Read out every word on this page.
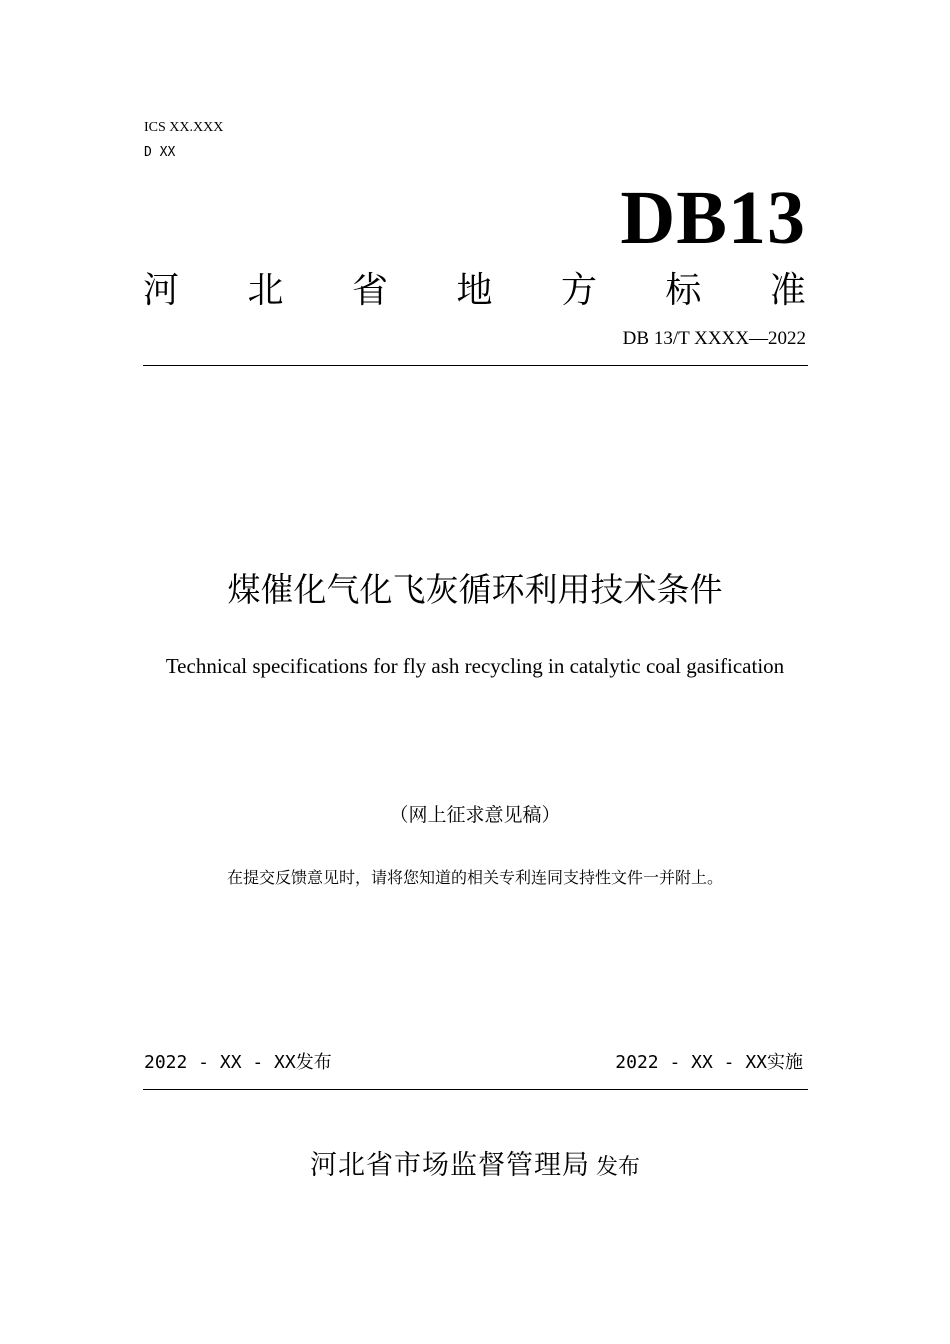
ICS XX.XXX
D XX
DB13
河 北 省 地 方 标 准
DB 13/T XXXX—2022
煤催化气化飞灰循环利用技术条件
Technical specifications for fly ash recycling in catalytic coal gasification
（网上征求意见稿）
在提交反馈意见时，请将您知道的相关专利连同支持性文件一并附上。
2022 - XX - XX发布	2022 - XX - XX实施
河北省市场监督管理局 发布
